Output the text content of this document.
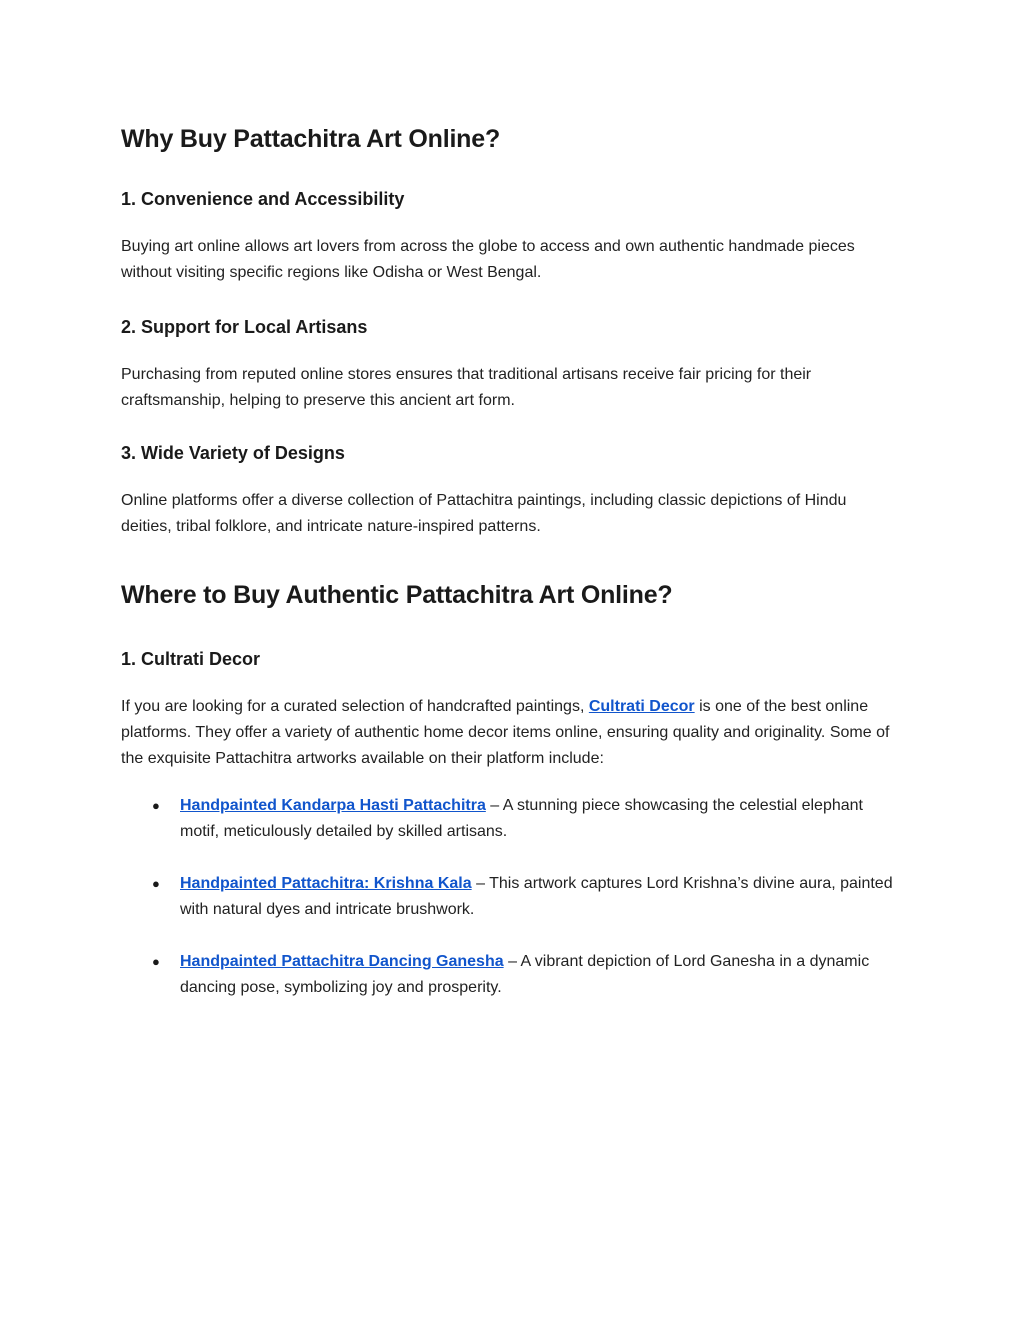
Why Buy Pattachitra Art Online?
1. Convenience and Accessibility

Buying art online allows art lovers from across the globe to access and own authentic handmade pieces without visiting specific regions like Odisha or West Bengal.

2. Support for Local Artisans

Purchasing from reputed online stores ensures that traditional artisans receive fair pricing for their craftsmanship, helping to preserve this ancient art form.

3. Wide Variety of Designs

Online platforms offer a diverse collection of Pattachitra paintings, including classic depictions of Hindu deities, tribal folklore, and intricate nature-inspired patterns.

Where to Buy Authentic Pattachitra Art Online?
1. Cultrati Decor

If you are looking for a curated selection of handcrafted paintings, Cultrati Decor is one of the best online platforms. They offer a variety of authentic home decor items online, ensuring quality and originality. Some of the exquisite Pattachitra artworks available on their platform include:

● Handpainted Kandarpa Hasti Pattachitra – A stunning piece showcasing the celestial elephant motif, meticulously detailed by skilled artisans.
● Handpainted Pattachitra: Krishna Kala – This artwork captures Lord Krishna’s divine aura, painted with natural dyes and intricate brushwork.
● Handpainted Pattachitra Dancing Ganesha – A vibrant depiction of Lord Ganesha in a dynamic dancing pose, symbolizing joy and prosperity.
